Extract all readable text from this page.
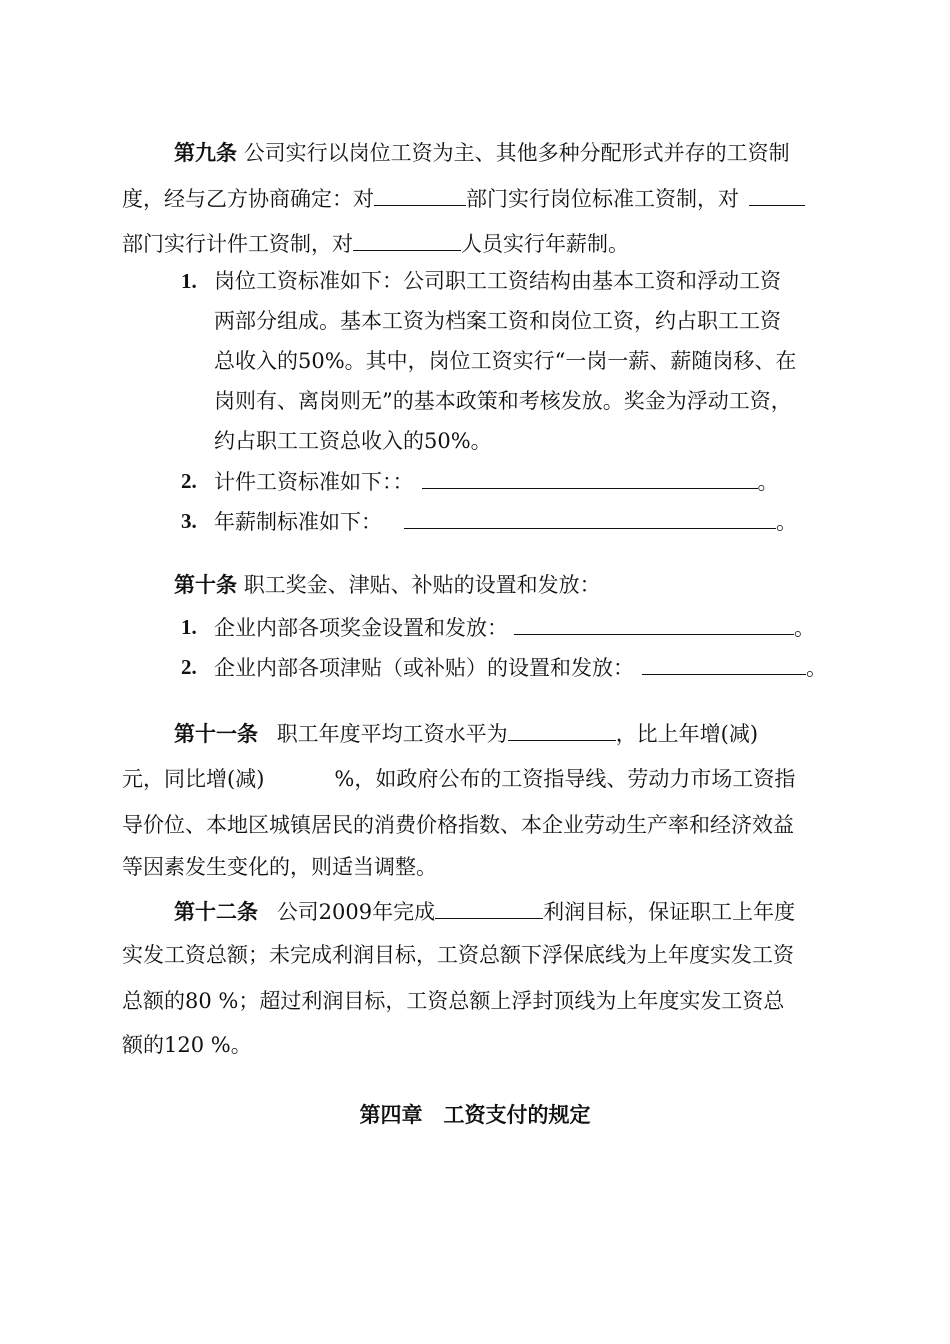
第九条 公司实行以岗位工资为主、其他多种分配形式并存的工资制
度，经与乙方协商确定：对	部门实行岗位标准工资制，对
部门实行计件工资制，对	人员实行年薪制。
1. 岗位工资标准如下：公司职工工资结构由基本工资和浮动工资
两部分组成。基本工资为档案工资和岗位工资，约占职工工资
总收入的50%。其中，岗位工资实行“一岗一薪、薪随岗移、在
岗则有、离岗则无”的基本政策和考核发放。奖金为浮动工资，
约占职工工资总收入的50%。
2. 计件工资标准如下：：	。
3. 年薪制标准如下：	。
第十条 职工奖金、津贴、补贴的设置和发放：
1. 企业内部各项奖金设置和发放：	。
2. 企业内部各项津贴（或补贴）的设置和发放：	。
第十一条 职工年度平均工资水平为	，比上年增(减)
元，同比增(减)	%，如政府公布的工资指导线、劳动力市场工资指
导价位、本地区城镇居民的消费价格指数、本企业劳动生产率和经济效益
等因素发生变化的，则适当调整。
第十二条 公司2009年完成	利润目标，保证职工上年度
实发工资总额；未完成利润目标，工资总额下浮保底线为上年度实发工资
总额的80 %；超过利润目标，工资总额上浮封顶线为上年度实发工资总
额的120 %。
第四章　工资支付的规定
